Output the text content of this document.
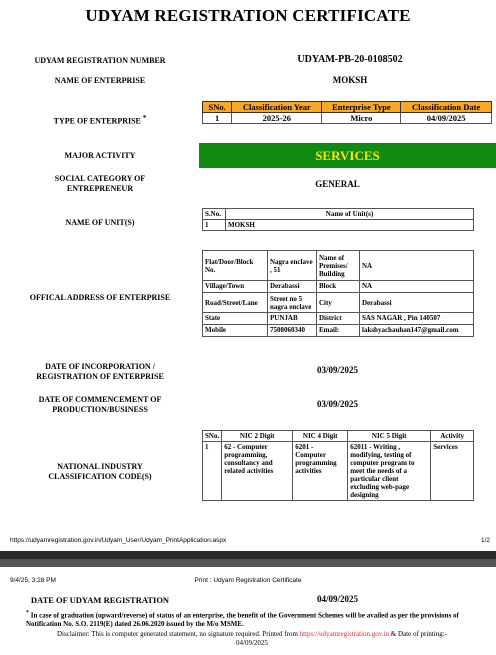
UDYAM REGISTRATION CERTIFICATE
UDYAM REGISTRATION NUMBER	UDYAM-PB-20-0108502
NAME OF ENTERPRISE	MOKSH
TYPE OF ENTERPRISE *
SNo.	Classification Year	Enterprise Type	Classification Date
1	2025-26	Micro	04/09/2025
MAJOR ACTIVITY	SERVICES
SOCIAL CATEGORY OF
ENTREPRENEUR	GENERAL
NAME OF UNIT(S)
S.No.	Name of Unit(s)
1	MOKSH
OFFICAL ADDRESS OF ENTERPRISE
Flat/Door/Block No.	Nagra enclave , 51	Name of Premises/ Building	NA
Village/Town	Derabassi	Block	NA
Road/Street/Lane	Street no 5 nagra enclave	City	Derabassi
State	PUNJAB	District	SAS NAGAR , Pin 140507
Mobile	7508060340	Email:	lakshyachauhan147@gmail.com
DATE OF INCORPORATION /
REGISTRATION OF ENTERPRISE
03/09/2025
DATE OF COMMENCEMENT OF
PRODUCTION/BUSINESS
03/09/2025
NATIONAL INDUSTRY
CLASSIFICATION CODE(S)
SNo.	NIC 2 Digit	NIC 4 Digit	NIC 5 Digit	Activity
1	62 - Computer programming, consultancy and related activities	6201 - Computer programming activities	62011 - Writing , modifying, testing of computer program to meet the needs of a particular client excluding web-page designing	Services
https://udyamregistration.gov.in/Udyam_User/Udyam_PrintApplication.aspx	1/2
9/4/25, 3:28 PM	Print : Udyam Registration Certificate
DATE OF UDYAM REGISTRATION	04/09/2025
* In case of graduation (upward/reverse) of status of an enterprise, the benefit of the Government Schemes will be availed as per the provisions of Notification No. S.O. 2119(E) dated 26.06.2020 issued by the M/o MSME.
Disclaimer: This is computer generated statement, no signature required. Printed from https://udyamregistration.gov.in & Date of printing:-
04/09/2025
